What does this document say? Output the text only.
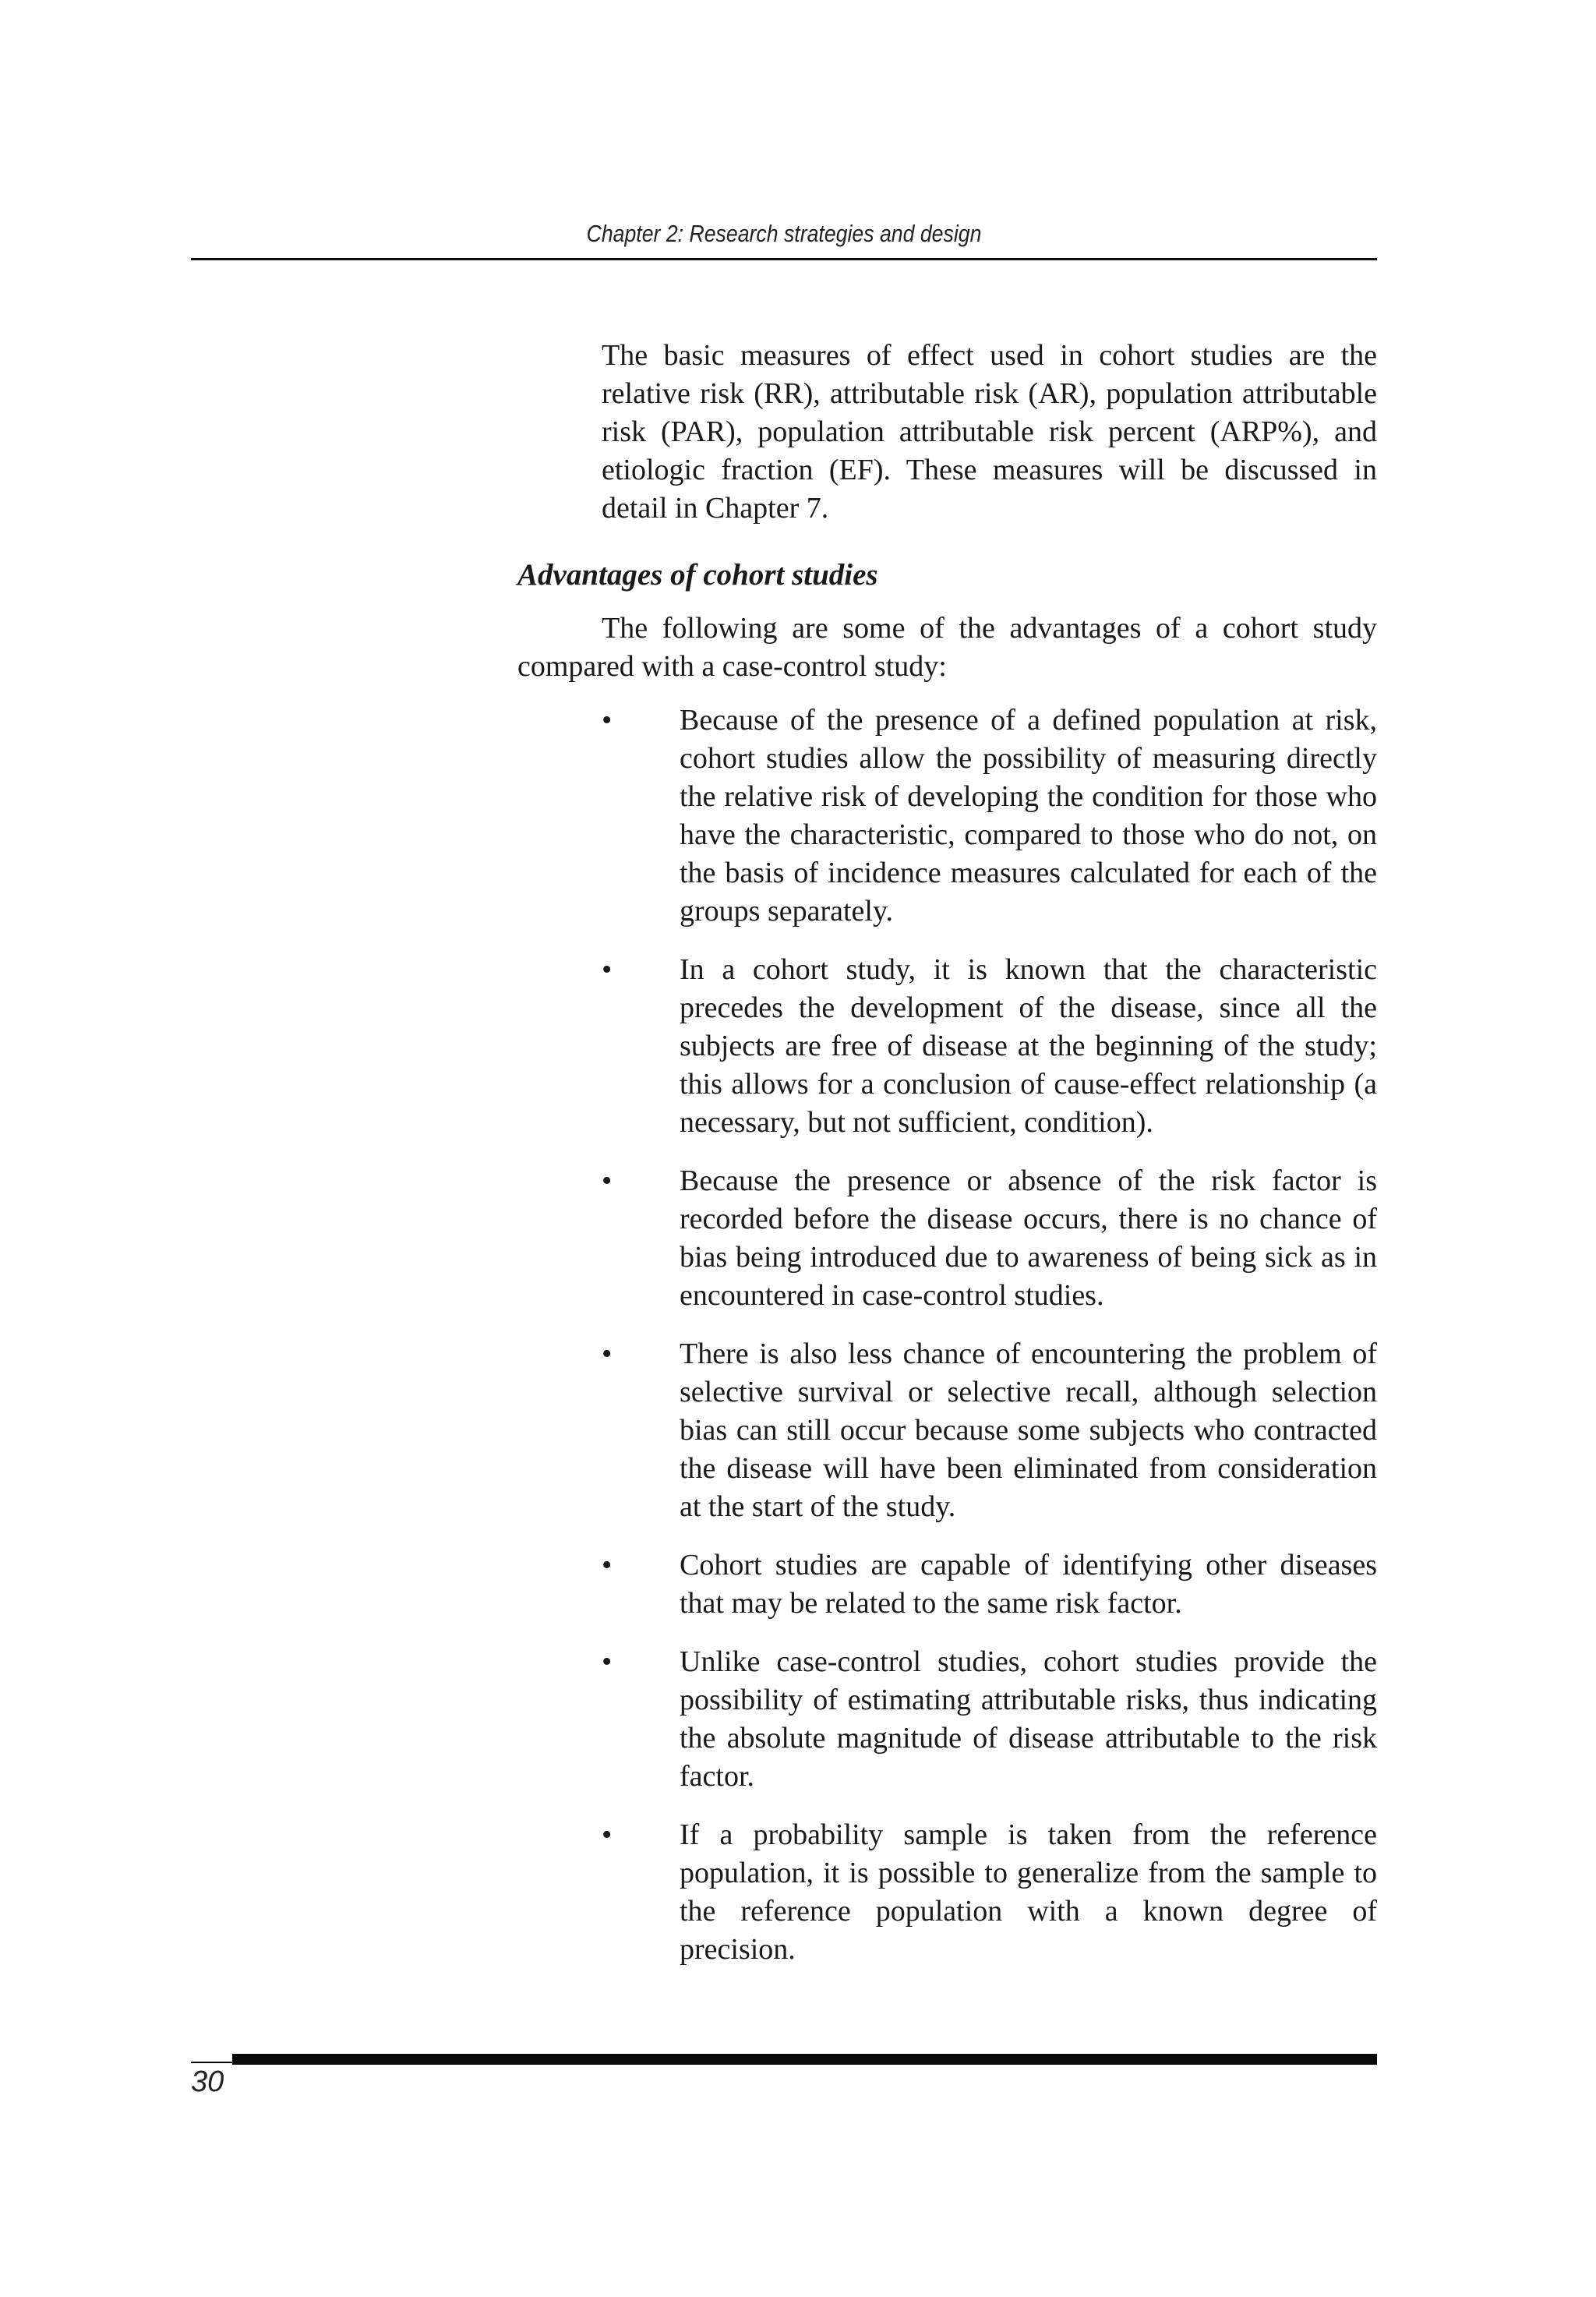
Chapter 2: Research strategies and design

The basic measures of effect used in cohort studies are the relative risk (RR), attributable risk (AR), population attributable risk (PAR), population attributable risk percent (ARP%), and etiologic fraction (EF). These measures will be discussed in detail in Chapter 7.

Advantages of cohort studies

The following are some of the advantages of a cohort study compared with a case-control study:

• Because of the presence of a defined population at risk, cohort studies allow the possibility of measuring directly the relative risk of developing the condition for those who have the characteristic, compared to those who do not, on the basis of incidence measures calculated for each of the groups separately.
• In a cohort study, it is known that the characteristic precedes the development of the disease, since all the subjects are free of disease at the beginning of the study; this allows for a conclusion of cause-effect relationship (a necessary, but not sufficient, condition).
• Because the presence or absence of the risk factor is recorded before the disease occurs, there is no chance of bias being introduced due to awareness of being sick as in encountered in case-control studies.
• There is also less chance of encountering the problem of selective survival or selective recall, although selection bias can still occur because some subjects who contracted the disease will have been eliminated from consideration at the start of the study.
• Cohort studies are capable of identifying other diseases that may be related to the same risk factor.
• Unlike case-control studies, cohort studies provide the possibility of estimating attributable risks, thus indicating the absolute magnitude of disease attributable to the risk factor.
• If a probability sample is taken from the reference population, it is possible to generalize from the sample to the reference population with a known degree of precision.
30
